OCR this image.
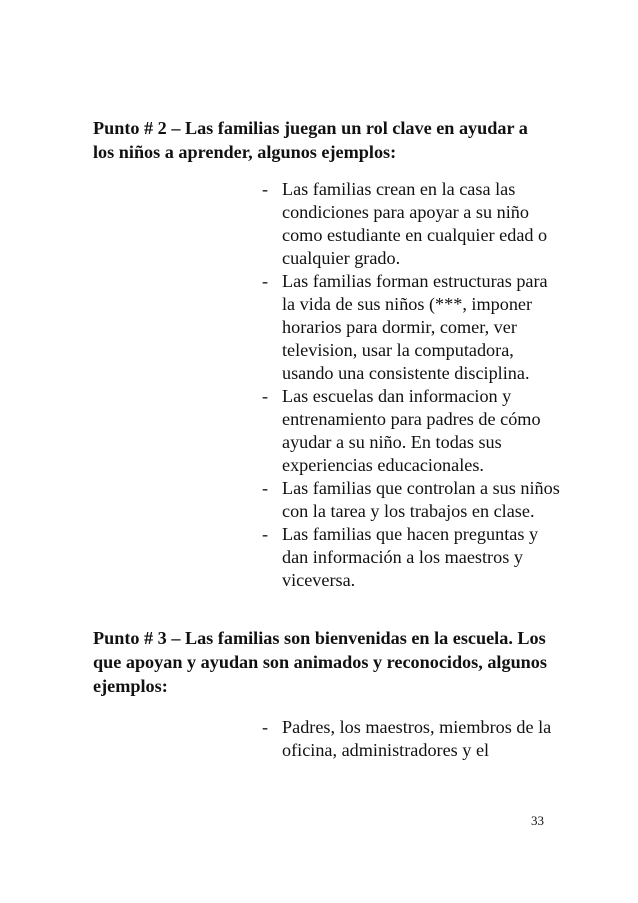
Punto # 2 – Las familias juegan un rol clave en ayudar a los niños a aprender, algunos ejemplos:

- Las familias crean en la casa las condiciones para apoyar a su niño como estudiante en cualquier edad o cualquier grado.
- Las familias forman estructuras para la vida de sus niños (***, imponer horarios para dormir, comer, ver television, usar la computadora, usando una consistente disciplina.
- Las escuelas dan informacion y entrenamiento para padres de cómo ayudar a su niño. En todas sus experiencias educacionales.
- Las familias que controlan a sus niños con la tarea y los trabajos en clase.
- Las familias que hacen preguntas y dan información a los maestros y viceversa.

Punto # 3 – Las familias son bienvenidas en la escuela. Los que apoyan y ayudan son animados y reconocidos, algunos ejemplos:

- Padres, los maestros, miembros de la oficina, administradores y el
33
